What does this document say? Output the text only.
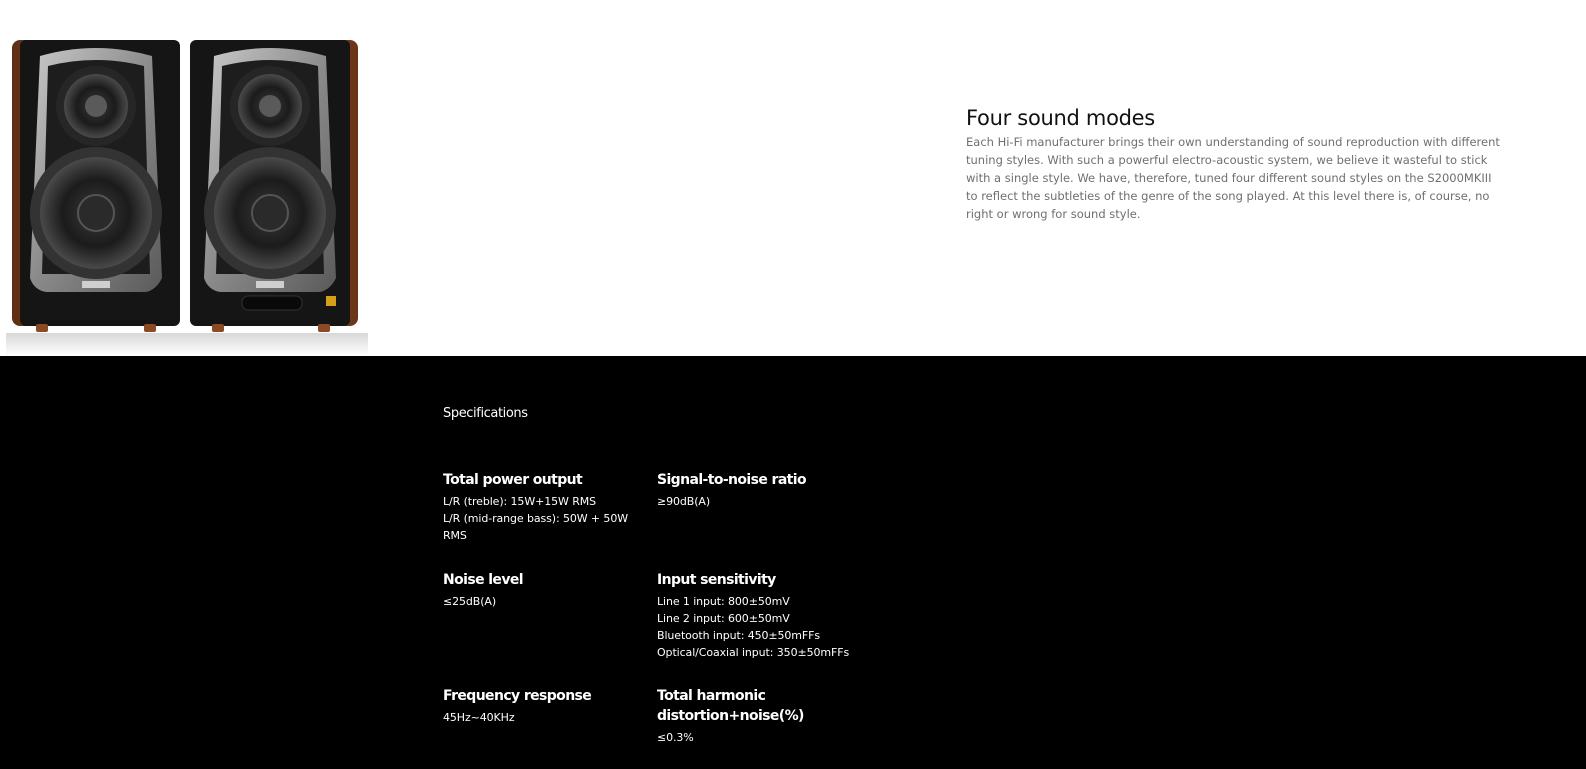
Four sound modes

Each Hi-Fi manufacturer brings their own understanding of sound reproduction with different tuning styles. With such a powerful electro-acoustic system, we believe it wasteful to stick with a single style. We have, therefore, tuned four different sound styles on the S2000MKIII to reflect the subtleties of the genre of the song played. At this level there is, of course, no right or wrong for sound style.

Specifications
Total power output
L/R (treble): 15W+15W RMS
L/R (mid-range bass): 50W + 50W RMS
Signal-to-noise ratio
≥90dB(A)
Noise level
≤25dB(A)
Input sensitivity
Line 1 input: 800±50mV
Line 2 input: 600±50mV
Bluetooth input: 450±50mFFs
Optical/Coaxial input: 350±50mFFs
Frequency response
45Hz~40KHz
Total harmonic distortion+noise(%)
≤0.3%
